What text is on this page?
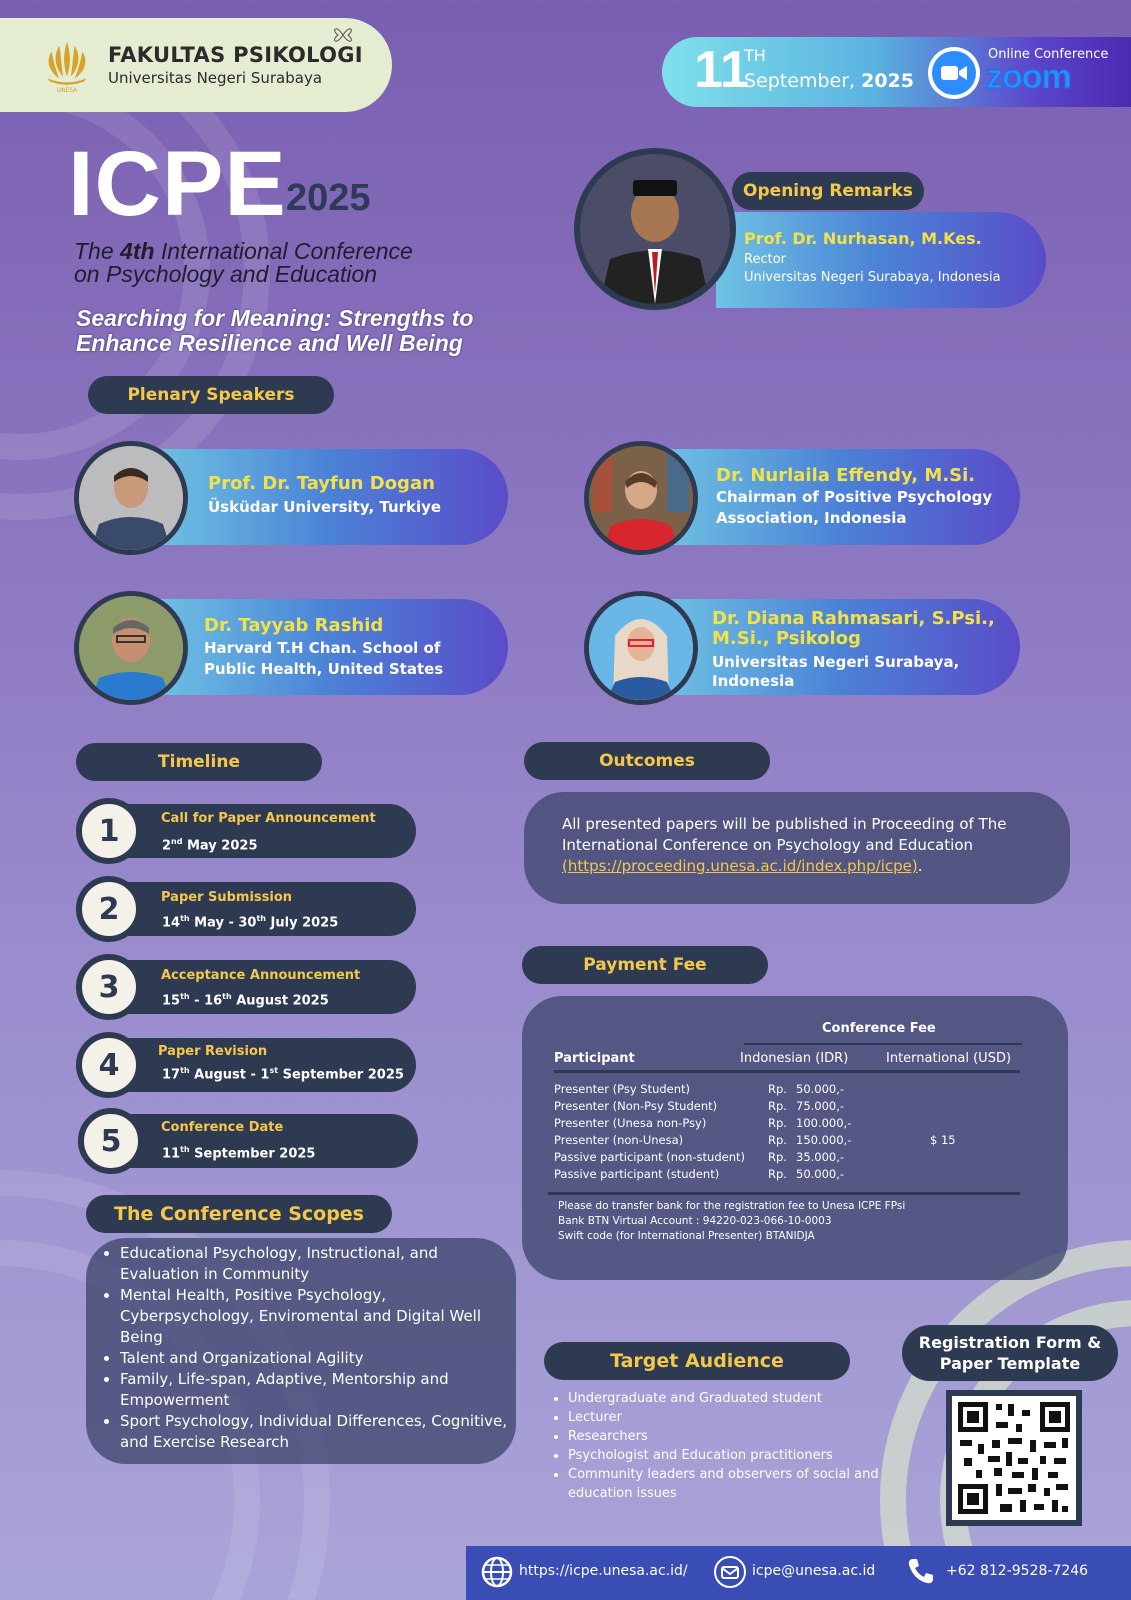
UNESA
FAKULTAS PSIKOLOGI
Universitas Negeri Surabaya	11
TH
September, 2025
Online Conference
zoom
ICPE 2025
The 4th International Conference
on Psychology and Education
Searching for Meaning: Strengths to
Enhance Resilience and Well Being
Opening Remarks
Prof. Dr. Nurhasan, M.Kes.
Rector
Universitas Negeri Surabaya, Indonesia
Plenary Speakers
Prof. Dr. Tayfun Dogan
Üsküdar University, Turkiye
Dr. Nurlaila Effendy, M.Si.
Chairman of Positive Psychology
Association, Indonesia
Dr. Tayyab Rashid
Harvard T.H Chan. School of
Public Health, United States
Dr. Diana Rahmasari, S.Psi.,
M.Si., Psikolog
Universitas Negeri Surabaya,
Indonesia
Timeline
1	Call for Paper Announcement
2nd May 2025
2	Paper Submission
14th May - 30th July 2025
3	Acceptance Announcement
15th - 16th August 2025
4	Paper Revision
17th August - 1st September 2025
5	Conference Date
11th September 2025
Outcomes
All presented papers will be published in Proceeding of The
International Conference on Psychology and Education
(https://proceeding.unesa.ac.id/index.php/icpe).
Payment Fee
Conference Fee
Participant	Indonesian (IDR)	International (USD)
Presenter (Psy Student)	Rp. 50.000,-
Presenter (Non-Psy Student)	Rp. 75.000,-
Presenter (Unesa non-Psy)	Rp. 100.000,-
Presenter (non-Unesa)	Rp. 150.000,-	$ 15
Passive participant (non-student) Rp. 35.000,-
Passive participant (student)	Rp. 50.000,-
Please do transfer bank for the registration fee to Unesa ICPE FPsi
Bank BTN Virtual Account : 94220-023-066-10-0003
Swift code (for International Presenter) BTANIDJA
The Conference Scopes
• Educational Psychology, Instructional, and Evaluation in Community
• Mental Health, Positive Psychology, Cyberpsychology, Enviromental and Digital Well Being
• Talent and Organizational Agility
• Family, Life-span, Adaptive, Mentorship and Empowerment
• Sport Psychology, Individual Differences, Cognitive, and Exercise Research
Target Audience
• Undergraduate and Graduated student
• Lecturer
• Researchers
• Psychologist and Education practitioners
• Community leaders and observers of social and education issues
Registration Form &
Paper Template
https://icpe.unesa.ac.id/	icpe@unesa.ac.id	+62 812-9528-7246
